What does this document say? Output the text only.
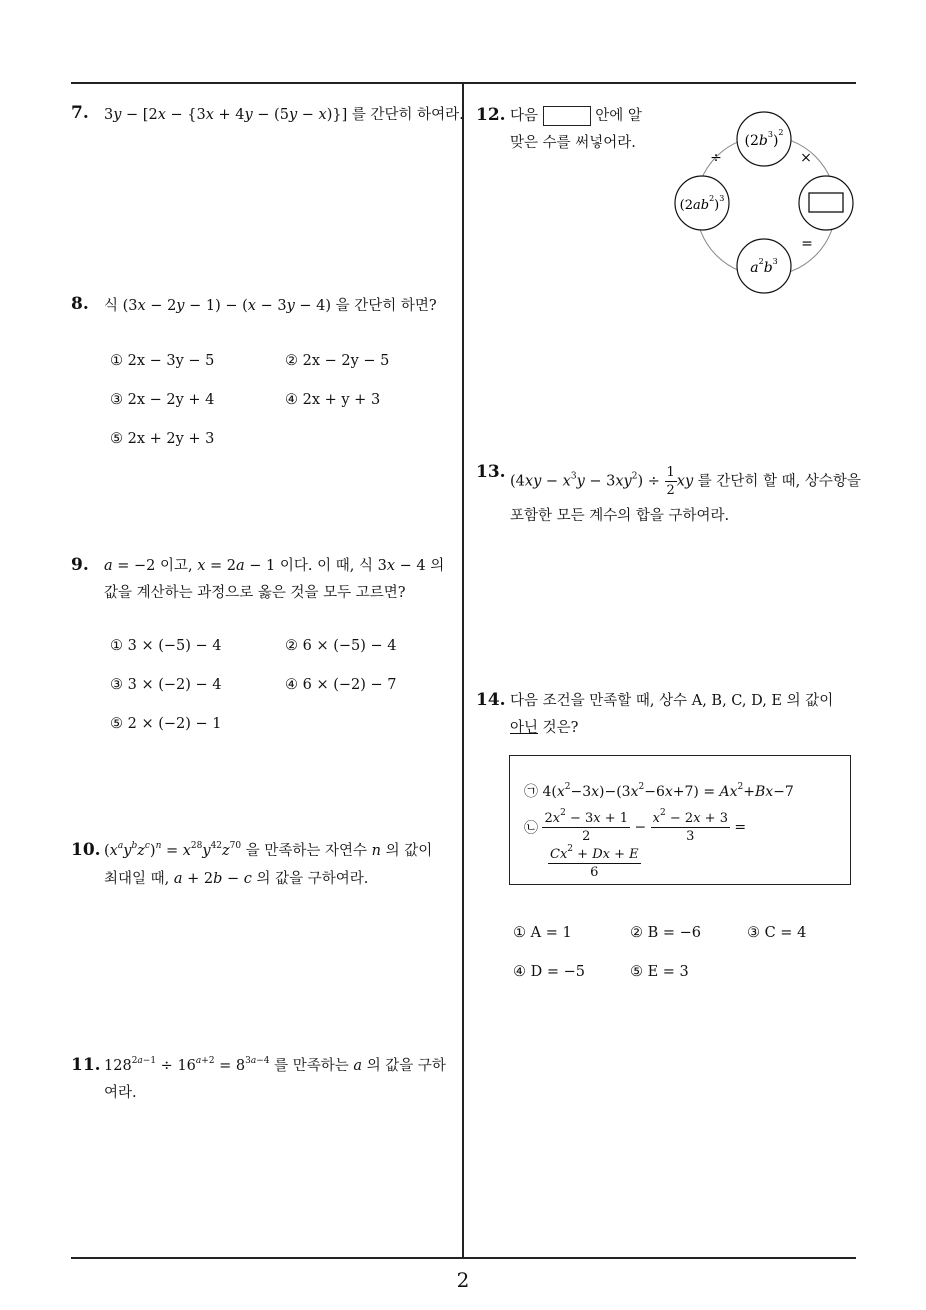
2
7. 3y − [2x − {3x + 4y − (5y − x)}] 를 간단히 하여라.
8. 식 (3x − 2y − 1) − (x − 3y − 4) 을 간단히 하면?
① 2x − 3y − 5	② 2x − 2y − 5
③ 2x − 2y + 4	④ 2x + y + 3
⑤ 2x + 2y + 3
9. a = −2 이고, x = 2a − 1 이다. 이 때, 식 3x − 4 의
값을 계산하는 과정으로 옳은 것을 모두 고르면?
① 3 × (−5) − 4	② 6 × (−5) − 4
③ 3 × (−2) − 4	④ 6 × (−2) − 7
⑤ 2 × (−2) − 1
10. $(x^ay^bz^c)^n = x^{28}y^{42}z^{70}$ 을 만족하는 자연수 n 의 값이
최대일 때, a + 2b − c 의 값을 구하여라.
11. $128^{2a-1} \div 16^{a+2} = 8^{3a-4}$ 를 만족하는 a 의 값을 구하
여라.
12. 다음	안에 알
맞은 수를 써넣어라.	$(2b^3)^2$
$(2ab^2)^3$
$a^2b^3$
÷	×
=
13. $(4xy - x^3y - 3xy^2) \div \frac{1}{2}$ xy 를 간단히 할 때, 상수항을
포함한 모든 계수의 합을 구하여라.
14. 다음 조건을 만족할 때, 상수 A, B, C, D, E 의 값이
아닌 것은?
㉠ $4(x^2-3x)-(3x^2-6x+7) = Ax^2+Bx-7$
㉡ $\frac{2x^2 - 3x + 1}{2} - \frac{x^2 - 2x + 3}{3}$ =
$\frac{Cx^2 + Dx + E}{6}$
① A = 1	② B = −6	③ C = 4
④ D = −5	⑤ E = 3
